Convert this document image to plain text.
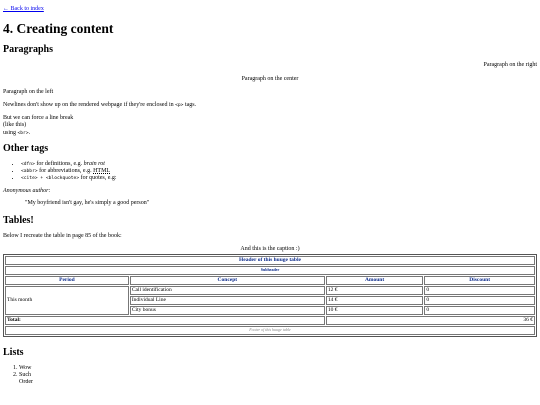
← Back to index
4. Creating content
Paragraphs

Paragraph on the right

Paragraph on the center

Paragraph on the left

Newlines don't show up on the rendered webpage if they're enclosed in <p> tags.

But we can force a line break
(like this)
using <br>.

Other tags
• <dfn> for definitions, e.g. brain rot
• <abbr> for abbreviations, e.g. HTML
• <cite> + <blockquote> for quotes, e.g:

Anonymous author:

"My boyfriend isn't gay, he's simply a good person"
Tables!

Below I recreate the table in page 85 of the book:

And this is the caption :)
Header of this huuge table			
Subheader			
Period	Concept	Amount	Discount
This month	Call identification	12 €	0
	Individual Line	14 €	0
	City bonus	10 €	0
Total:		36 €	
Footer of this huuge table			
Lists
1. Wow
2. Such
3. Order
